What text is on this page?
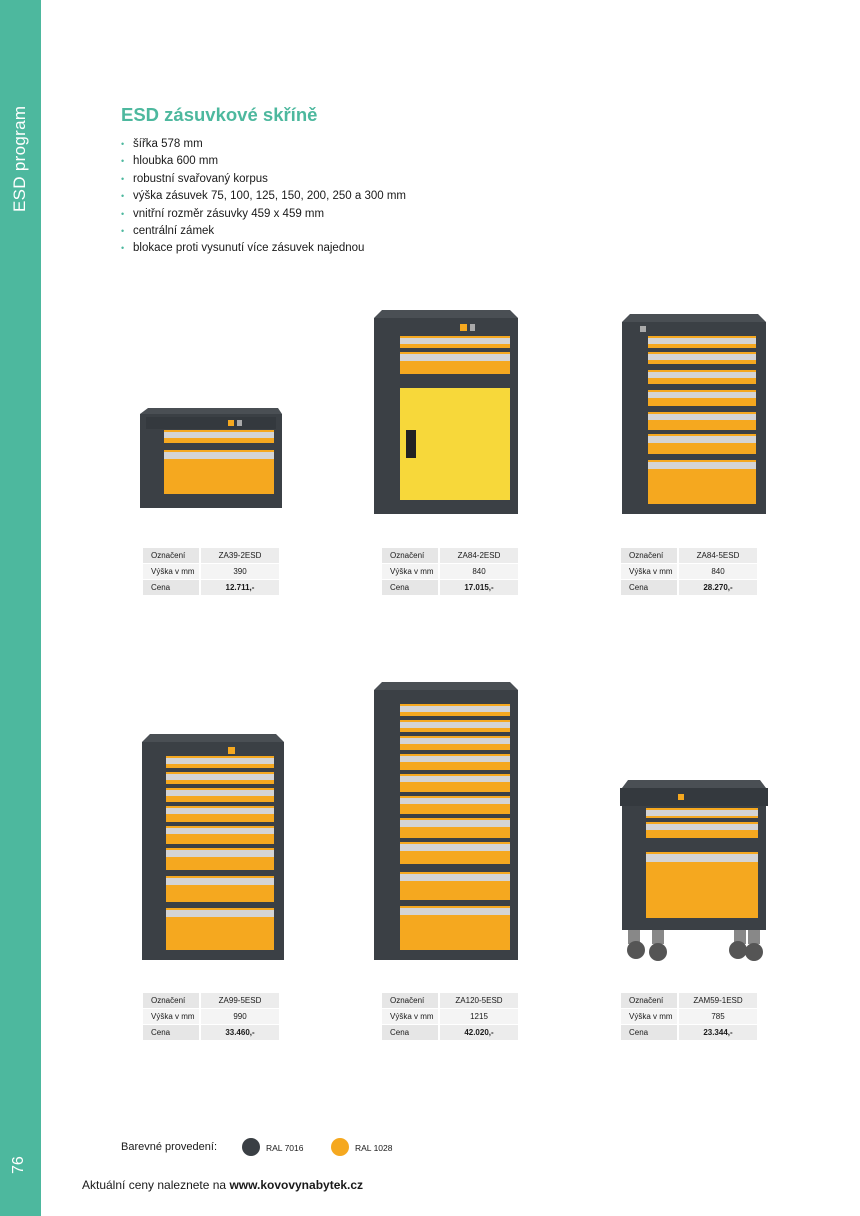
ESD program
76
ESD zásuvkové skříně
• šířka 578 mm
• hloubka 600 mm
• robustní svařovaný korpus
• výška zásuvek 75, 100, 125, 150, 200, 250 a 300 mm
• vnitřní rozměr zásuvky 459 x 459 mm
• centrální zámek
• blokace proti vysunutí více zásuvek najednou
Označení	ZA39-2ESD
Výška v mm	390
Cena	12.711,-
Označení	ZA84-2ESD
Výška v mm	840
Cena	17.015,-
Označení	ZA84-5ESD
Výška v mm	840
Cena	28.270,-
Označení	ZA99-5ESD
Výška v mm	990
Cena	33.460,-
Označení	ZA120-5ESD
Výška v mm	1215
Cena	42.020,-
Označení	ZAM59-1ESD
Výška v mm	785
Cena	23.344,-
Barevné provedení:	RAL 7016	RAL 1028
Aktuální ceny naleznete na www.kovovynabytek.cz
